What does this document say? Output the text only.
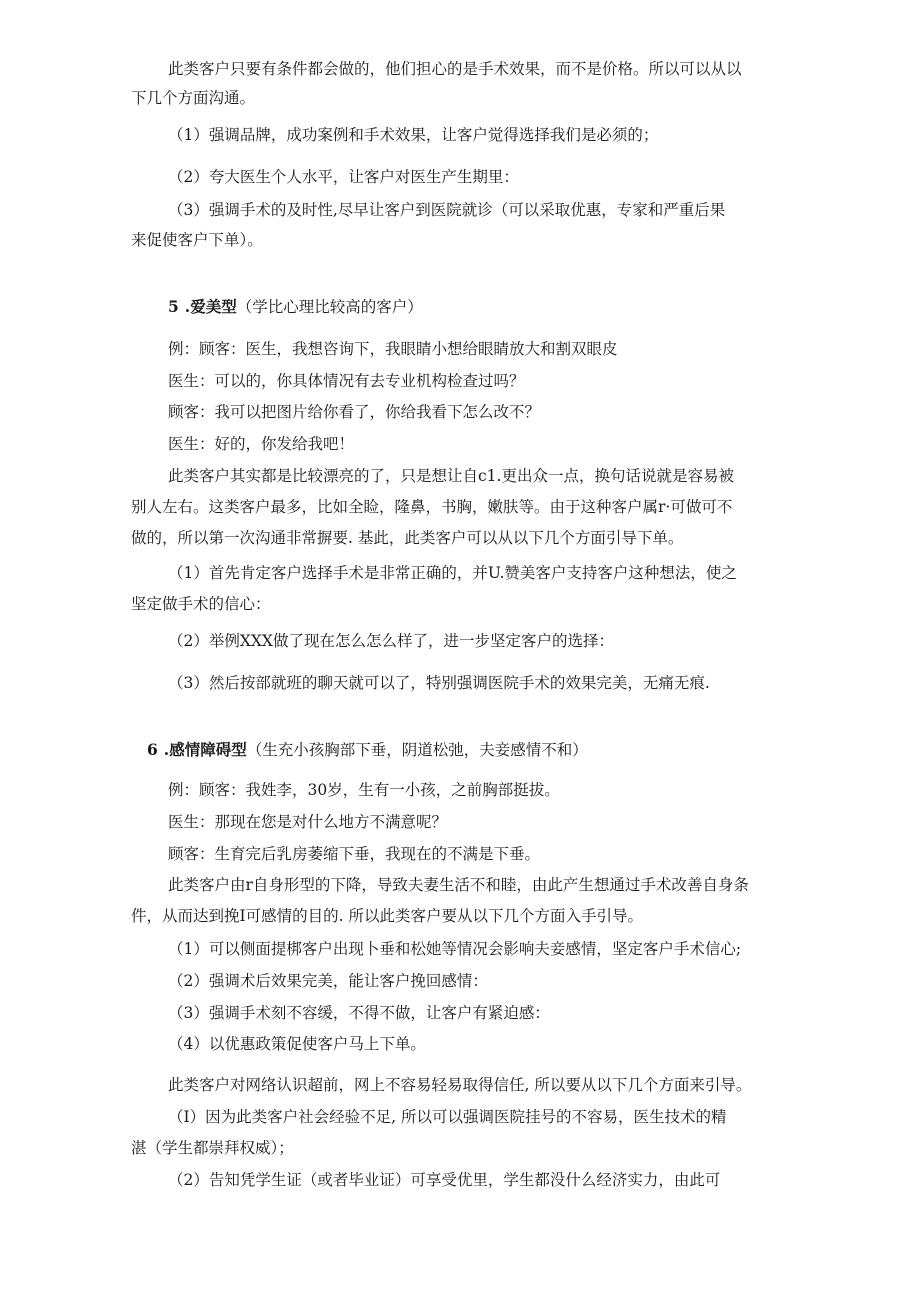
此类客户只要有条件都会做的，他们担心的是手术效果，而不是价格。所以可以从以
下几个方面沟通。
（1）强调品牌，成功案例和手术效果，让客户觉得选择我们是必须的；
（2）夸大医生个人水平，让客户对医生产生期里：
（3）强调手术的及时性,尽早让客户到医院就诊（可以采取优惠，专家和严重后果
来促使客户下单）。
5 .爱美型（学比心理比较高的客户）
例：顾客：医生，我想咨询下，我眼睛小想给眼睛放大和割双眼皮
医生：可以的，你具体情况有去专业机构检查过吗？
顾客：我可以把图片给你看了，你给我看下怎么改不？
医生：好的，你发给我吧！
此类客户其实都是比较漂亮的了，只是想让自c1.更出众一点，换句话说就是容易被
别人左右。这类客户最多，比如全睑，隆鼻，书胸，嫩肤等。由于这种客户属r·可做可不
做的，所以第一次沟通非常摒要. 基此，此类客户可以从以下几个方面引导下单。
（1）首先肯定客户选择手术是非常正确的，并U.赞美客户支持客户这种想法，使之
坚定做手术的信心：
（2）举例XXX做了现在怎么怎么样了，进一步坚定客户的选择：
（3）然后按部就班的聊天就可以了，特别强调医院手术的效果完美，无痛无痕.
6 .感情障碍型（生充小孩胸部下垂，阴道松弛，夫妾感情不和）
例：顾客：我姓李，30岁，生有一小孩，之前胸部挺拔。
医生：那现在您是对什么地方不满意呢？
顾客：生育完后乳房萎缩下垂，我现在的不满是下垂。
此类客户由r自身形型的下降，导致夫妻生活不和睦，由此产生想通过手术改善自身条
件，从而达到挽I可感情的目的. 所以此类客户要从以下几个方面入手引导。
（1）可以侧面提梆客户出现卜垂和松她等情况会影响夫妾感情，坚定客户手术信心;
（2）强调术后效果完美，能让客户挽回感情：
（3）强调手术刻不容缓，不得不做，让客户有紧迫感：
（4）以优惠政策促使客户马上下单。
此类客户对网络认识超前，网上不容易轻易取得信任, 所以要从以下几个方面来引导。
（I）因为此类客户社会经验不足, 所以可以强调医院挂号的不容易，医生技术的精
湛（学生都崇拜权威）；
（2）告知凭学生证（或者毕业证）可享受优里，学生都没什么经济实力，由此可
